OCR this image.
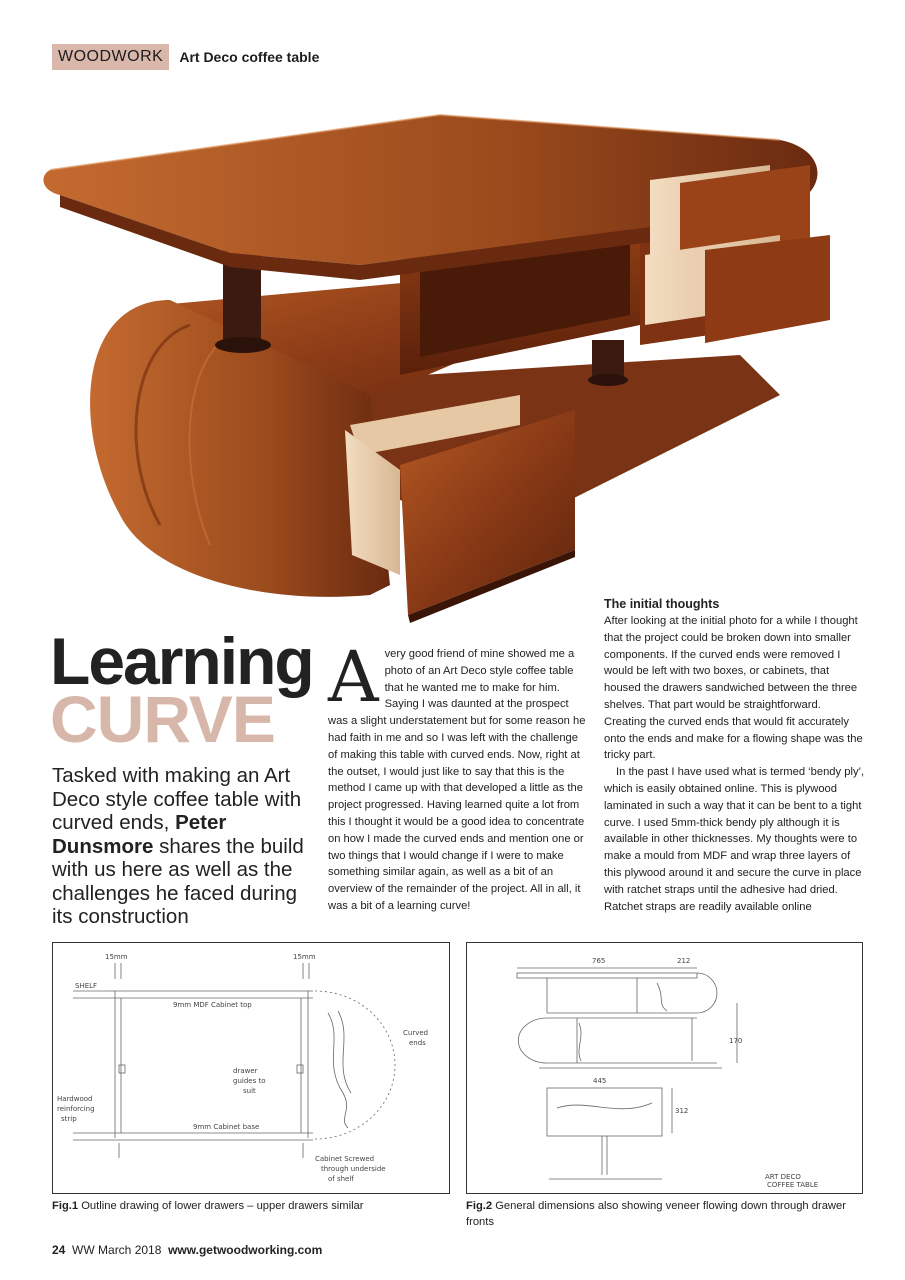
WOODWORK	Art Deco coffee table
Learning
CURVE
Tasked with making an Art Deco style coffee table with curved ends, Peter Dunsmore shares the build with us here as well as the challenges he faced during its construction
A very good friend of mine showed me a photo of an Art Deco style coffee table that he wanted me to make for him. Saying I was daunted at the prospect was a slight understatement but for some reason he had faith in me and so I was left with the challenge of making this table with curved ends. Now, right at the outset, I would just like to say that this is the method I came up with that developed a little as the project progressed. Having learned quite a lot from this I thought it would be a good idea to concentrate on how I made the curved ends and mention one or two things that I would change if I were to make something similar again, as well as a bit of an overview of the remainder of the project. All in all, it was a bit of a learning curve!

The initial thoughts

After looking at the initial photo for a while I thought that the project could be broken down into smaller components. If the curved ends were removed I would be left with two boxes, or cabinets, that housed the drawers sandwiched between the three shelves. That part would be straightforward. Creating the curved ends that would fit accurately onto the ends and make for a flowing shape was the tricky part.

In the past I have used what is termed ‘bendy ply’, which is easily obtained online. This is plywood laminated in such a way that it can be bent to a tight curve. I used 5mm-thick bendy ply although it is available in other thicknesses. My thoughts were to make a mould from MDF and wrap three layers of this plywood around it and secure the curve in place with ratchet straps until the adhesive had dried. Ratchet straps are readily available online

15mm	15mm
SHELF
9mm MDF Cabinet top
Curved
ends
drawer
guides to
suit
Hardwood
reinforcing
strip
9mm Cabinet base
Cabinet Screwed
through underside
of shelf
765	212
170
445
312
ART DECO
COFFEE TABLE
Fig.1 Outline drawing of lower drawers – upper drawers similar	Fig.2 General dimensions also showing veneer flowing down through drawer fronts
24 WW March 2018 www.getwoodworking.com
